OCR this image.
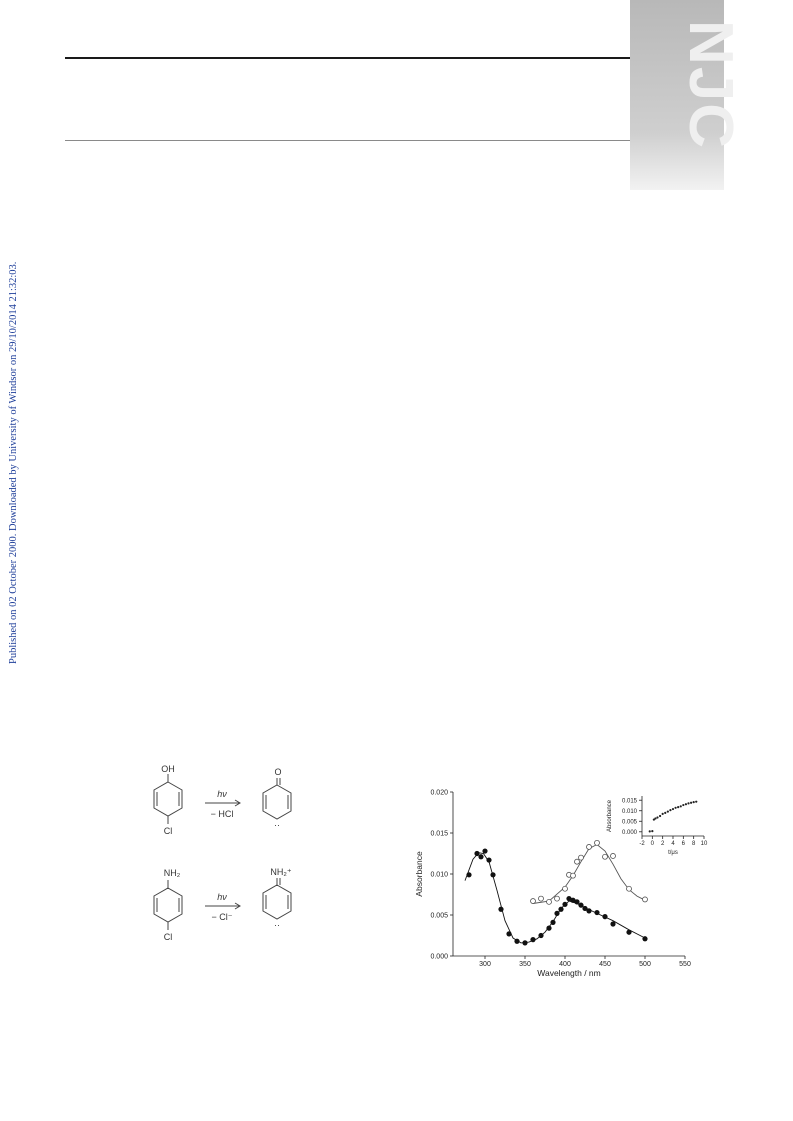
Published on 02 October 2000. Downloaded by University of Windsor on 29/10/2014 21:32:03.
NJC
OH
Cl
hν
− HCl
O
··
NH₂
Cl
hν
− Cl⁻
NH₂⁺
··
300	350	400	450	500	550
0.000
0.005
0.010
0.015
0.020
Wavelength / nm
Absorbance
-2 0 2 4 6 8 10
0.000
0.005
0.010
0.015
t/μs
Absorbance
